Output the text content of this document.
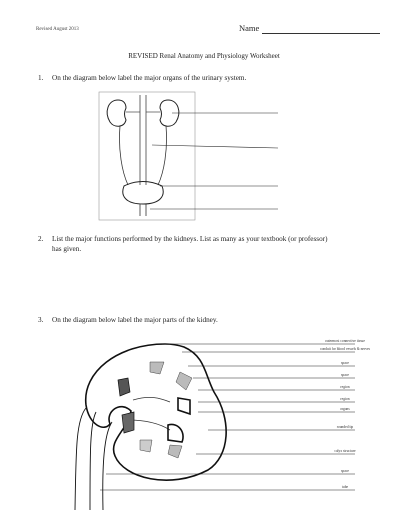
Revised August 2013	Name
REVISED Renal Anatomy and Physiology Worksheet
1. On the diagram below label the major organs of the urinary system.
2. List the major functions performed by the kidneys. List as many as your textbook (or professor)
has given.
3. On the diagram below label the major parts of the kidney.
outermost connective tissue
conduit for blood vessels & nerves
space
space
region
region
organs
rounded tip
calyx structure
space
tube
